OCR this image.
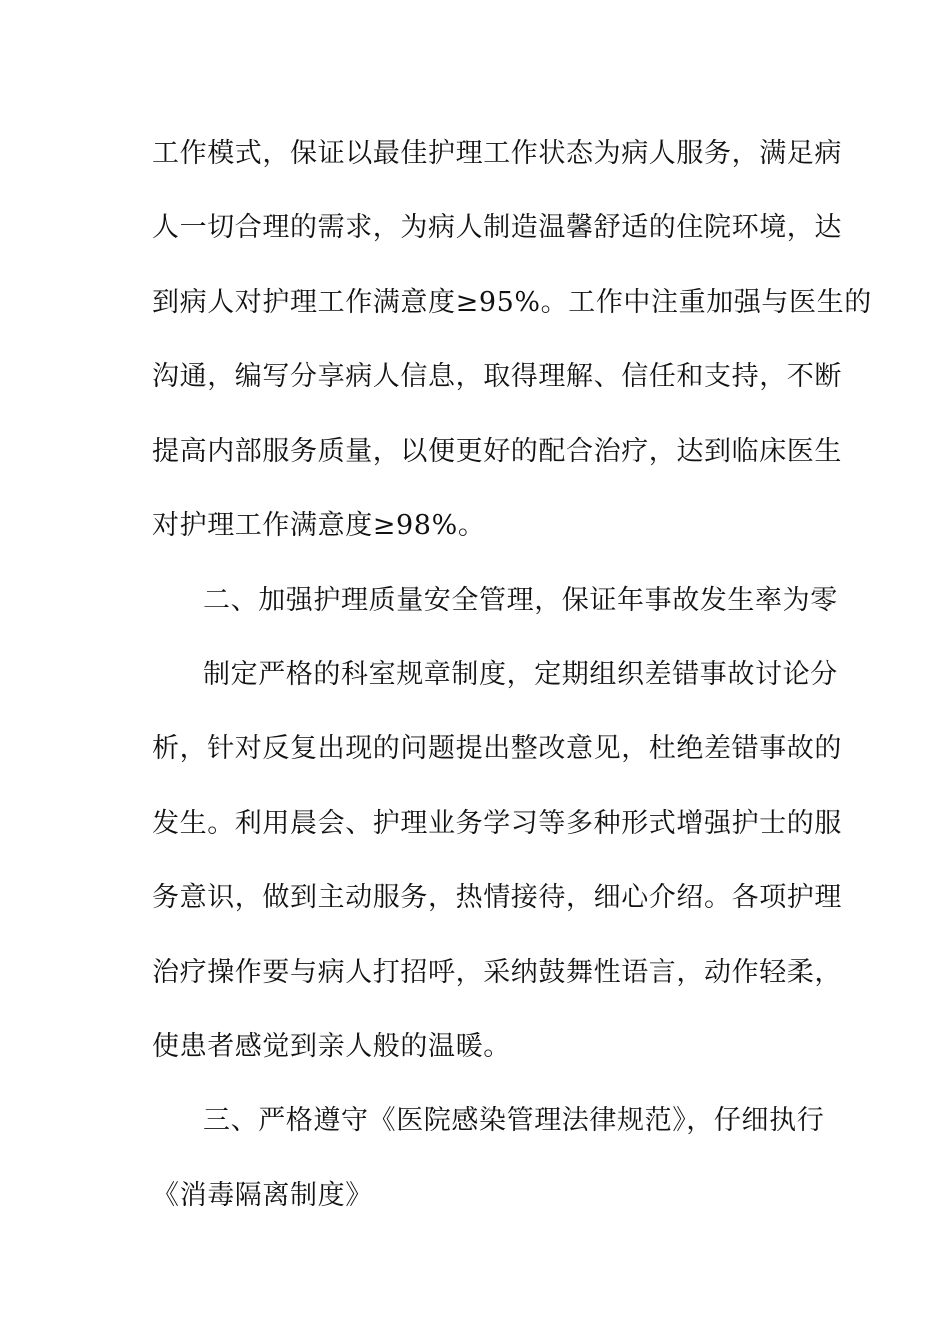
工作模式，保证以最佳护理工作状态为病人服务，满足病
人一切合理的需求，为病人制造温馨舒适的住院环境，达
到病人对护理工作满意度≥95%。工作中注重加强与医生的
沟通，编写分享病人信息，取得理解、信任和支持，不断
提高内部服务质量，以便更好的配合治疗，达到临床医生
对护理工作满意度≥98%。
二、加强护理质量安全管理，保证年事故发生率为零
制定严格的科室规章制度，定期组织差错事故讨论分
析，针对反复出现的问题提出整改意见，杜绝差错事故的
发生。利用晨会、护理业务学习等多种形式增强护士的服
务意识，做到主动服务，热情接待，细心介绍。各项护理
治疗操作要与病人打招呼，采纳鼓舞性语言，动作轻柔，
使患者感觉到亲人般的温暖。
三、严格遵守《医院感染管理法律规范》，仔细执行
《消毒隔离制度》
